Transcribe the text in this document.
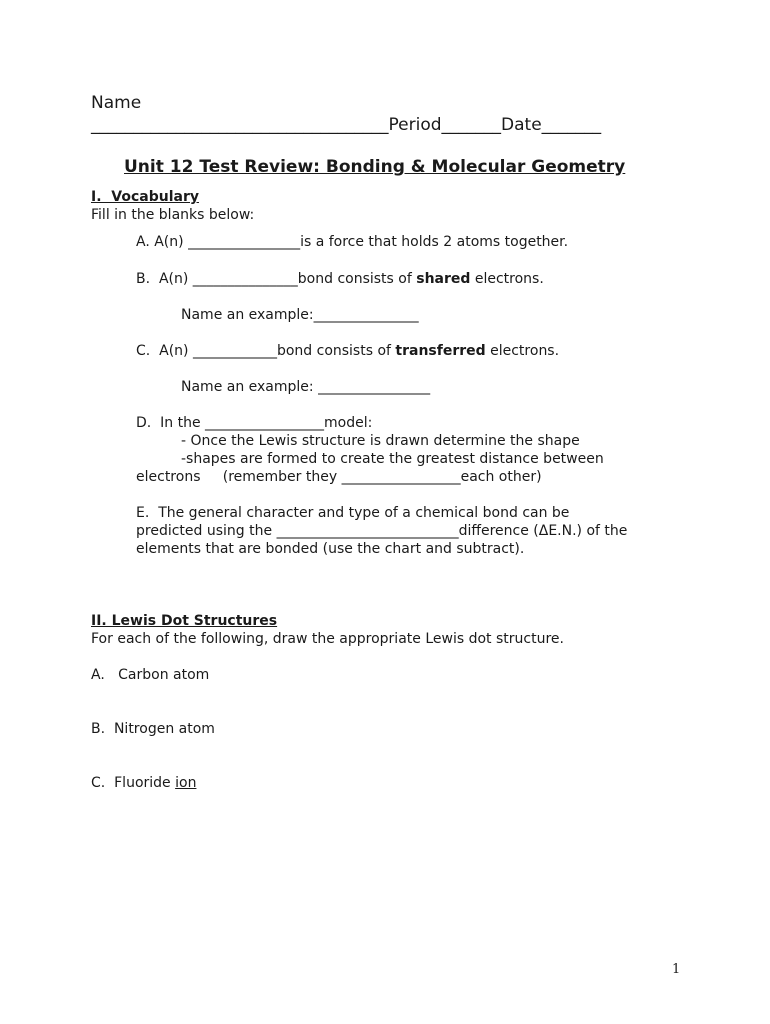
Name
___________________________________Period_______Date_______
Unit 12 Test Review: Bonding & Molecular Geometry
I.  Vocabulary
Fill in the blanks below:
A. A(n) ________________is a force that holds 2 atoms together.
B.  A(n) _______________bond consists of shared electrons.
Name an example:_______________
C.  A(n) ____________bond consists of transferred electrons.
Name an example: ________________
D.  In the _________________model:
- Once the Lewis structure is drawn determine the shape
-shapes are formed to create the greatest distance between
electrons     (remember they _________________each other)
E.  The general character and type of a chemical bond can be
predicted using the __________________________difference (ΔE.N.) of the
elements that are bonded (use the chart and subtract).
II. Lewis Dot Structures
For each of the following, draw the appropriate Lewis dot structure.
A.   Carbon atom
B.  Nitrogen atom
C.  Fluoride ion
1
